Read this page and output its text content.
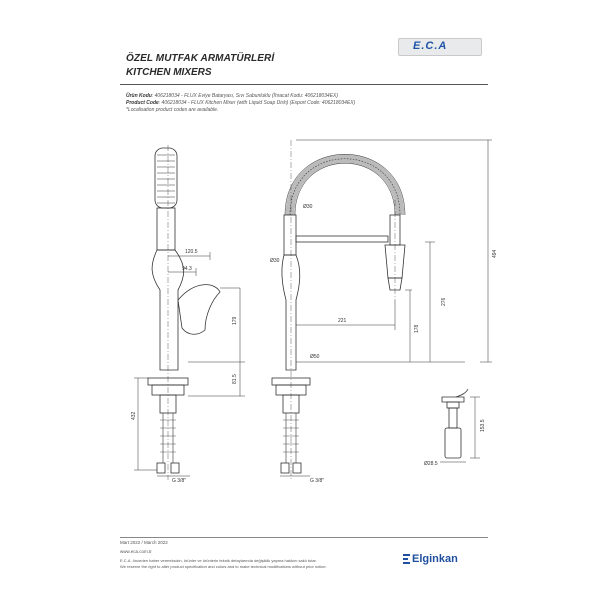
E.C.A
ÖZEL MUTFAK ARMATÜRLERİ
KITCHEN MIXERS
Ürün Kodu: 406218034 - FLUX Eviye Bataryası, Sıvı Sabunluklu (İhracat Kodu: 406218034EX)
Product Code: 406218034 - FLUX Kitchen Mixer (with Liquid Soap Dish) (Export Code: 406218034EX)
*Localisation product codes are available.
120.5
94.3
179
81.5
432
G 3/8"
Ø30
Ø30
221
178
276
Ø50
494
G 3/8"
153.5
Ø28.5
Mart 2022 / March 2022
www.eca.com.tr
E.C.A. önceden haber vermeksizin, ürünler ve ürünlerin teknik detaylarında değişiklik yapma hakkını saklı tutar.
We reserve the right to alter product specification and colors and to make technical modifications without prior notice.
Elginkan
